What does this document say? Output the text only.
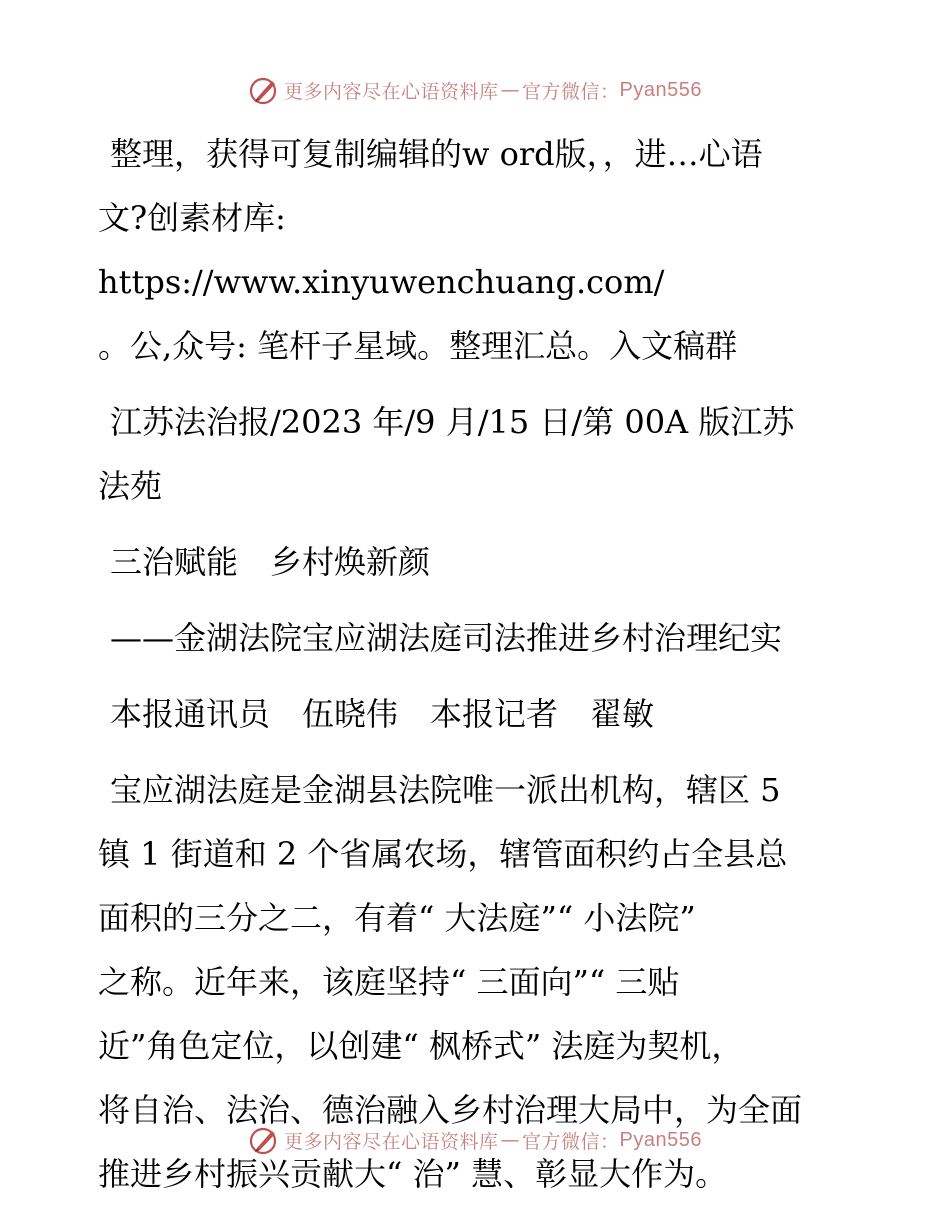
更多内容尽在心语资料库 — 官方微信： Pyan556

整理，获得可复制编辑的w ord版，，进…心语

文?创素材库: https://www.xinyuwenchuang.com/

。公,众号: 笔杆子星域。整理汇总。入文稿群

江苏法治报/2023 年/9 月/15 日/第 00A 版江苏

法苑

三治赋能　乡村焕新颜

——金湖法院宝应湖法庭司法推进乡村治理纪实

本报通讯员　伍晓伟　本报记者　翟敏

宝应湖法庭是金湖县法院唯一派出机构，辖区 5

镇 1 街道和 2 个省属农场，辖管面积约占全县总

面积的三分之二，有着“ 大法庭”“ 小法院”

之称。近年来，该庭坚持“ 三面向”“ 三贴

近”角色定位，以创建“ 枫桥式” 法庭为契机，

将自治、法治、德治融入乡村治理大局中，为全面

推进乡村振兴贡献大“ 治” 慧、彰显大作为。

更多内容尽在心语资料库 — 官方微信： Pyan556
